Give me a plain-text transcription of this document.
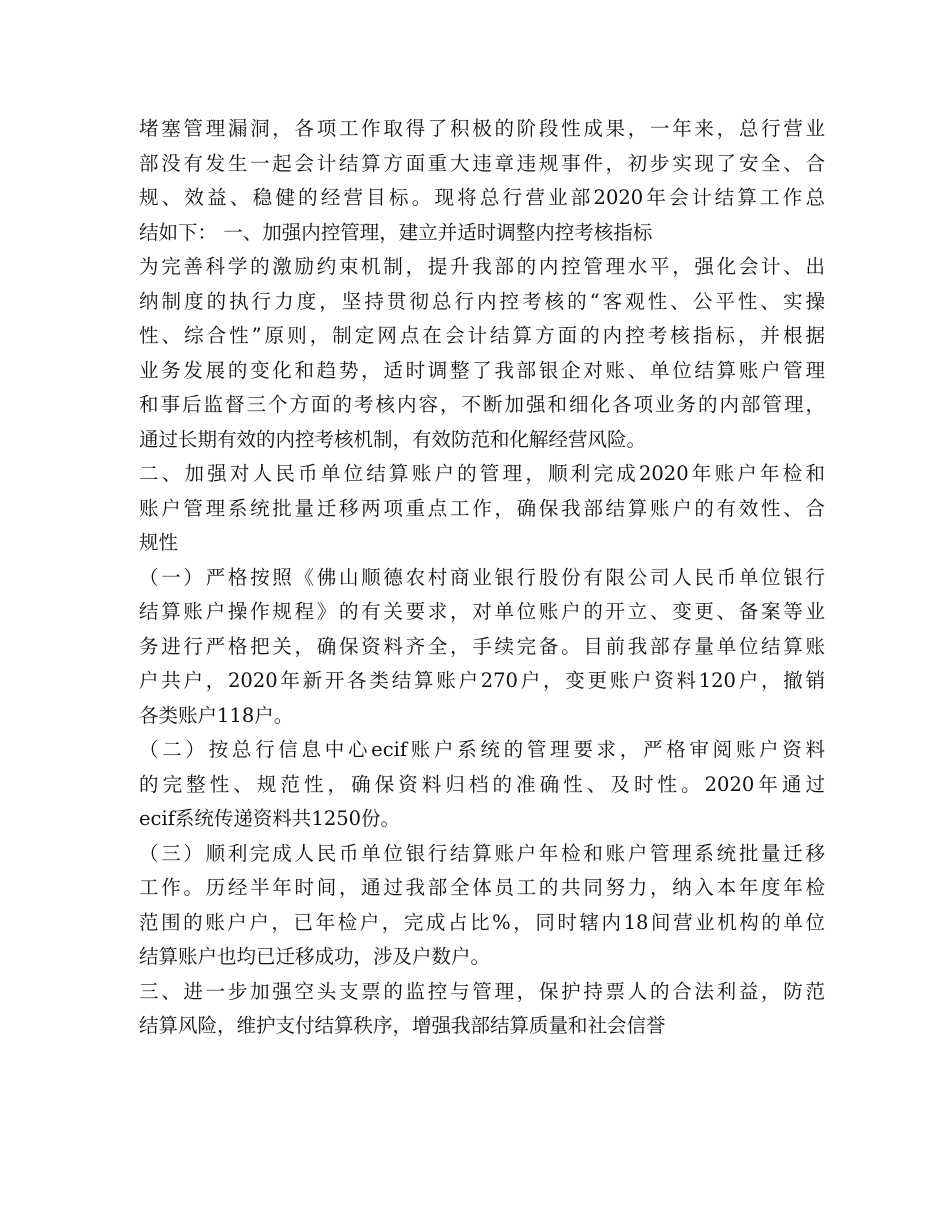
堵塞管理漏洞，各项工作取得了积极的阶段性成果，一年来，总行营业
部没有发生一起会计结算方面重大违章违规事件，初步实现了安全、合
规、效益、稳健的经营目标。现将总行营业部2020年会计结算工作总
结如下： 一、加强内控管理，建立并适时调整内控考核指标
为完善科学的激励约束机制，提升我部的内控管理水平，强化会计、出
纳制度的执行力度，坚持贯彻总行内控考核的“客观性、公平性、实操
性、综合性”原则，制定网点在会计结算方面的内控考核指标，并根据
业务发展的变化和趋势，适时调整了我部银企对账、单位结算账户管理
和事后监督三个方面的考核内容，不断加强和细化各项业务的内部管理，
通过长期有效的内控考核机制，有效防范和化解经营风险。
二、加强对人民币单位结算账户的管理，顺利完成2020年账户年检和
账户管理系统批量迁移两项重点工作，确保我部结算账户的有效性、合
规性
（一）严格按照《佛山顺德农村商业银行股份有限公司人民币单位银行
结算账户操作规程》的有关要求，对单位账户的开立、变更、备案等业
务进行严格把关，确保资料齐全，手续完备。目前我部存量单位结算账
户共户，2020年新开各类结算账户270户，变更账户资料120户，撤销
各类账户118户。
（二）按总行信息中心ecif账户系统的管理要求，严格审阅账户资料
的完整性、规范性，确保资料归档的准确性、及时性。2020年通过
ecif系统传递资料共1250份。
（三）顺利完成人民币单位银行结算账户年检和账户管理系统批量迁移
工作。历经半年时间，通过我部全体员工的共同努力，纳入本年度年检
范围的账户户，已年检户，完成占比%，同时辖内18间营业机构的单位
结算账户也均已迁移成功，涉及户数户。
三、进一步加强空头支票的监控与管理，保护持票人的合法利益，防范
结算风险，维护支付结算秩序，增强我部结算质量和社会信誉
